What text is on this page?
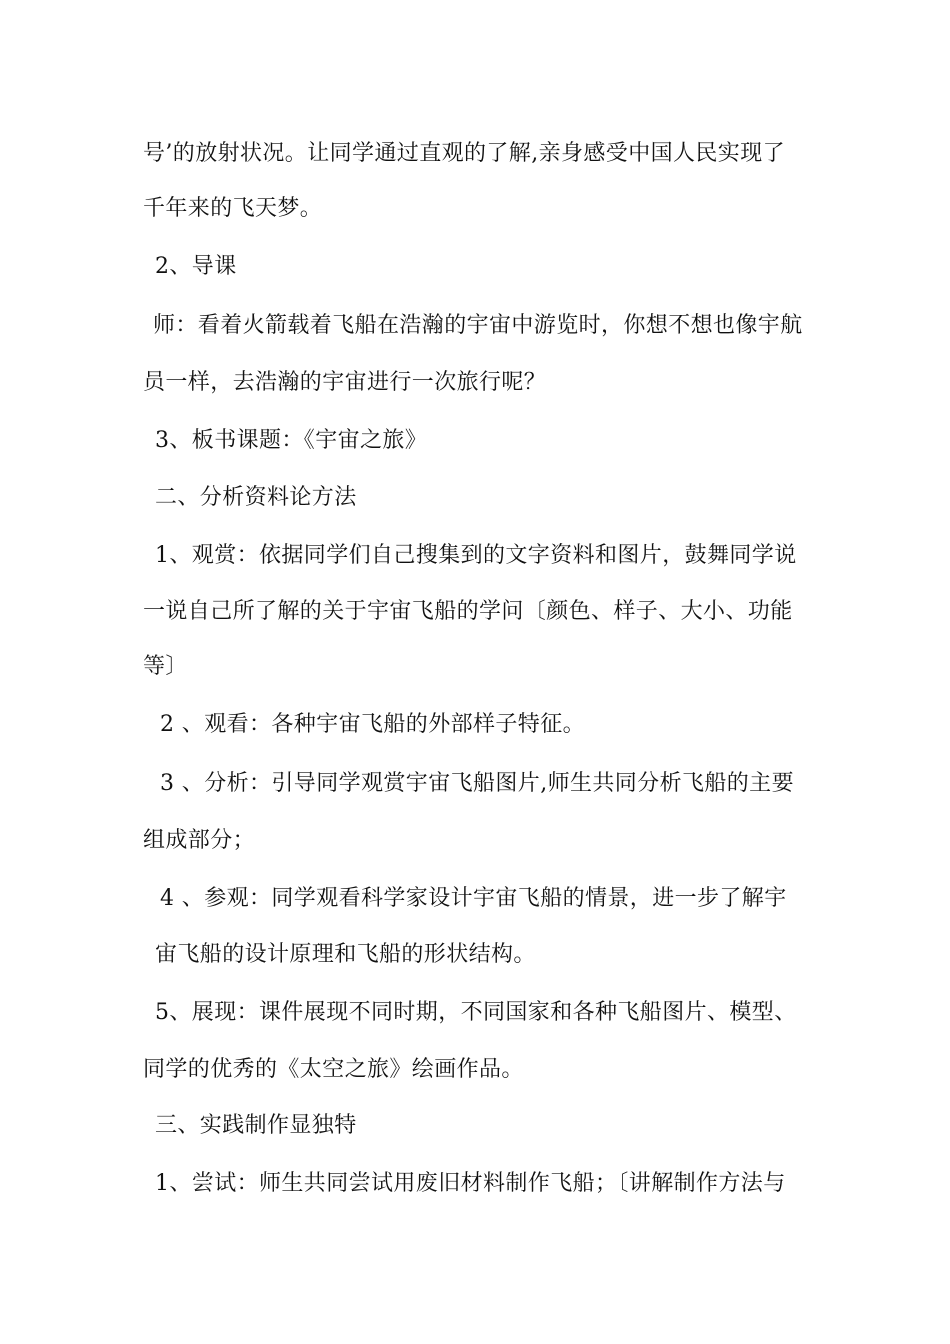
号’的放射状况。让同学通过直观的了解,亲身感受中国人民实现了
千年来的飞天梦。
2、导课
师：看着火箭载着飞船在浩瀚的宇宙中游览时，你想不想也像宇航
员一样，去浩瀚的宇宙进行一次旅行呢？
3、板书课题：《宇宙之旅》
二、分析资料论方法
1、观赏：依据同学们自己搜集到的文字资料和图片，鼓舞同学说
一说自己所了解的关于宇宙飞船的学问〔颜色、样子、大小、功能
等〕
2 、观看：各种宇宙飞船的外部样子特征。
3 、分析：引导同学观赏宇宙飞船图片,师生共同分析飞船的主要
组成部分；
4 、参观：同学观看科学家设计宇宙飞船的情景，进一步了解宇
宙飞船的设计原理和飞船的形状结构。
5、展现：课件展现不同时期，不同国家和各种飞船图片、模型、
同学的优秀的《太空之旅》绘画作品。
三、实践制作显独特
1、尝试：师生共同尝试用废旧材料制作飞船；〔讲解制作方法与
